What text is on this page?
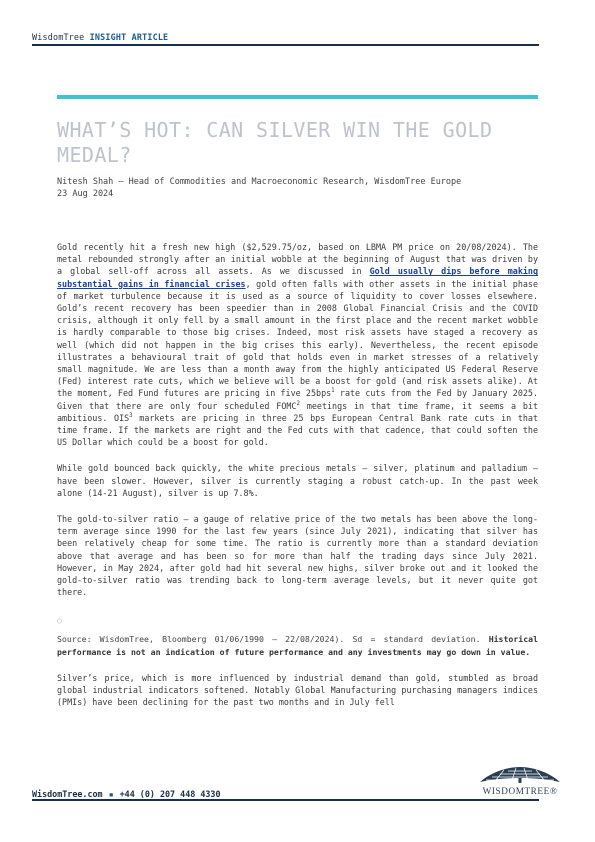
WisdomTree INSIGHT ARTICLE
WHAT’S HOT: CAN SILVER WIN THE GOLD MEDAL?
Nitesh Shah – Head of Commodities and Macroeconomic Research, WisdomTree Europe
23 Aug 2024

Gold recently hit a fresh new high ($2,529.75/oz, based on LBMA PM price on 20/08/2024). The metal rebounded strongly after an initial wobble at the beginning of August that was driven by a global sell-off across all assets. As we discussed in Gold usually dips before making substantial gains in financial crises, gold often falls with other assets in the initial phase of market turbulence because it is used as a source of liquidity to cover losses elsewhere. Gold’s recent recovery has been speedier than in 2008 Global Financial Crisis and the COVID crisis, although it only fell by a small amount in the first place and the recent market wobble is hardly comparable to those big crises. Indeed, most risk assets have staged a recovery as well (which did not happen in the big crises this early). Nevertheless, the recent episode illustrates a behavioural trait of gold that holds even in market stresses of a relatively small magnitude. We are less than a month away from the highly anticipated US Federal Reserve (Fed) interest rate cuts, which we believe will be a boost for gold (and risk assets alike). At the moment, Fed Fund futures are pricing in five 25bps$^1$ rate cuts from the Fed by January 2025. Given that there are only four scheduled FOMC$^2$ meetings in that time frame, it seems a bit ambitious. OIS$^3$ markets are pricing in three 25 bps European Central Bank rate cuts in that time frame. If the markets are right and the Fed cuts with that cadence, that could soften the US Dollar which could be a boost for gold.

While gold bounced back quickly, the white precious metals – silver, platinum and palladium – have been slower. However, silver is currently staging a robust catch-up. In the past week alone (14-21 August), silver is up 7.8%.

The gold-to-silver ratio – a gauge of relative price of the two metals has been above the long-term average since 1990 for the last few years (since July 2021), indicating that silver has been relatively cheap for some time. The ratio is currently more than a standard deviation above that average and has been so for more than half the trading days since July 2021. However, in May 2024, after gold had hit several new highs, silver broke out and it looked the gold-to-silver ratio was trending back to long-term average levels, but it never quite got there.

○

Source: WisdomTree, Bloomberg 01/06/1990 – 22/08/2024). Sd = standard deviation. Historical performance is not an indication of future performance and any investments may go down in value.

Silver’s price, which is more influenced by industrial demand than gold, stumbled as broad global industrial indicators softened. Notably Global Manufacturing purchasing managers indices (PMIs) have been declining for the past two months and in July fell

WISDOMTREE®
WisdomTree.com ▪ +44 (0) 207 448 4330
